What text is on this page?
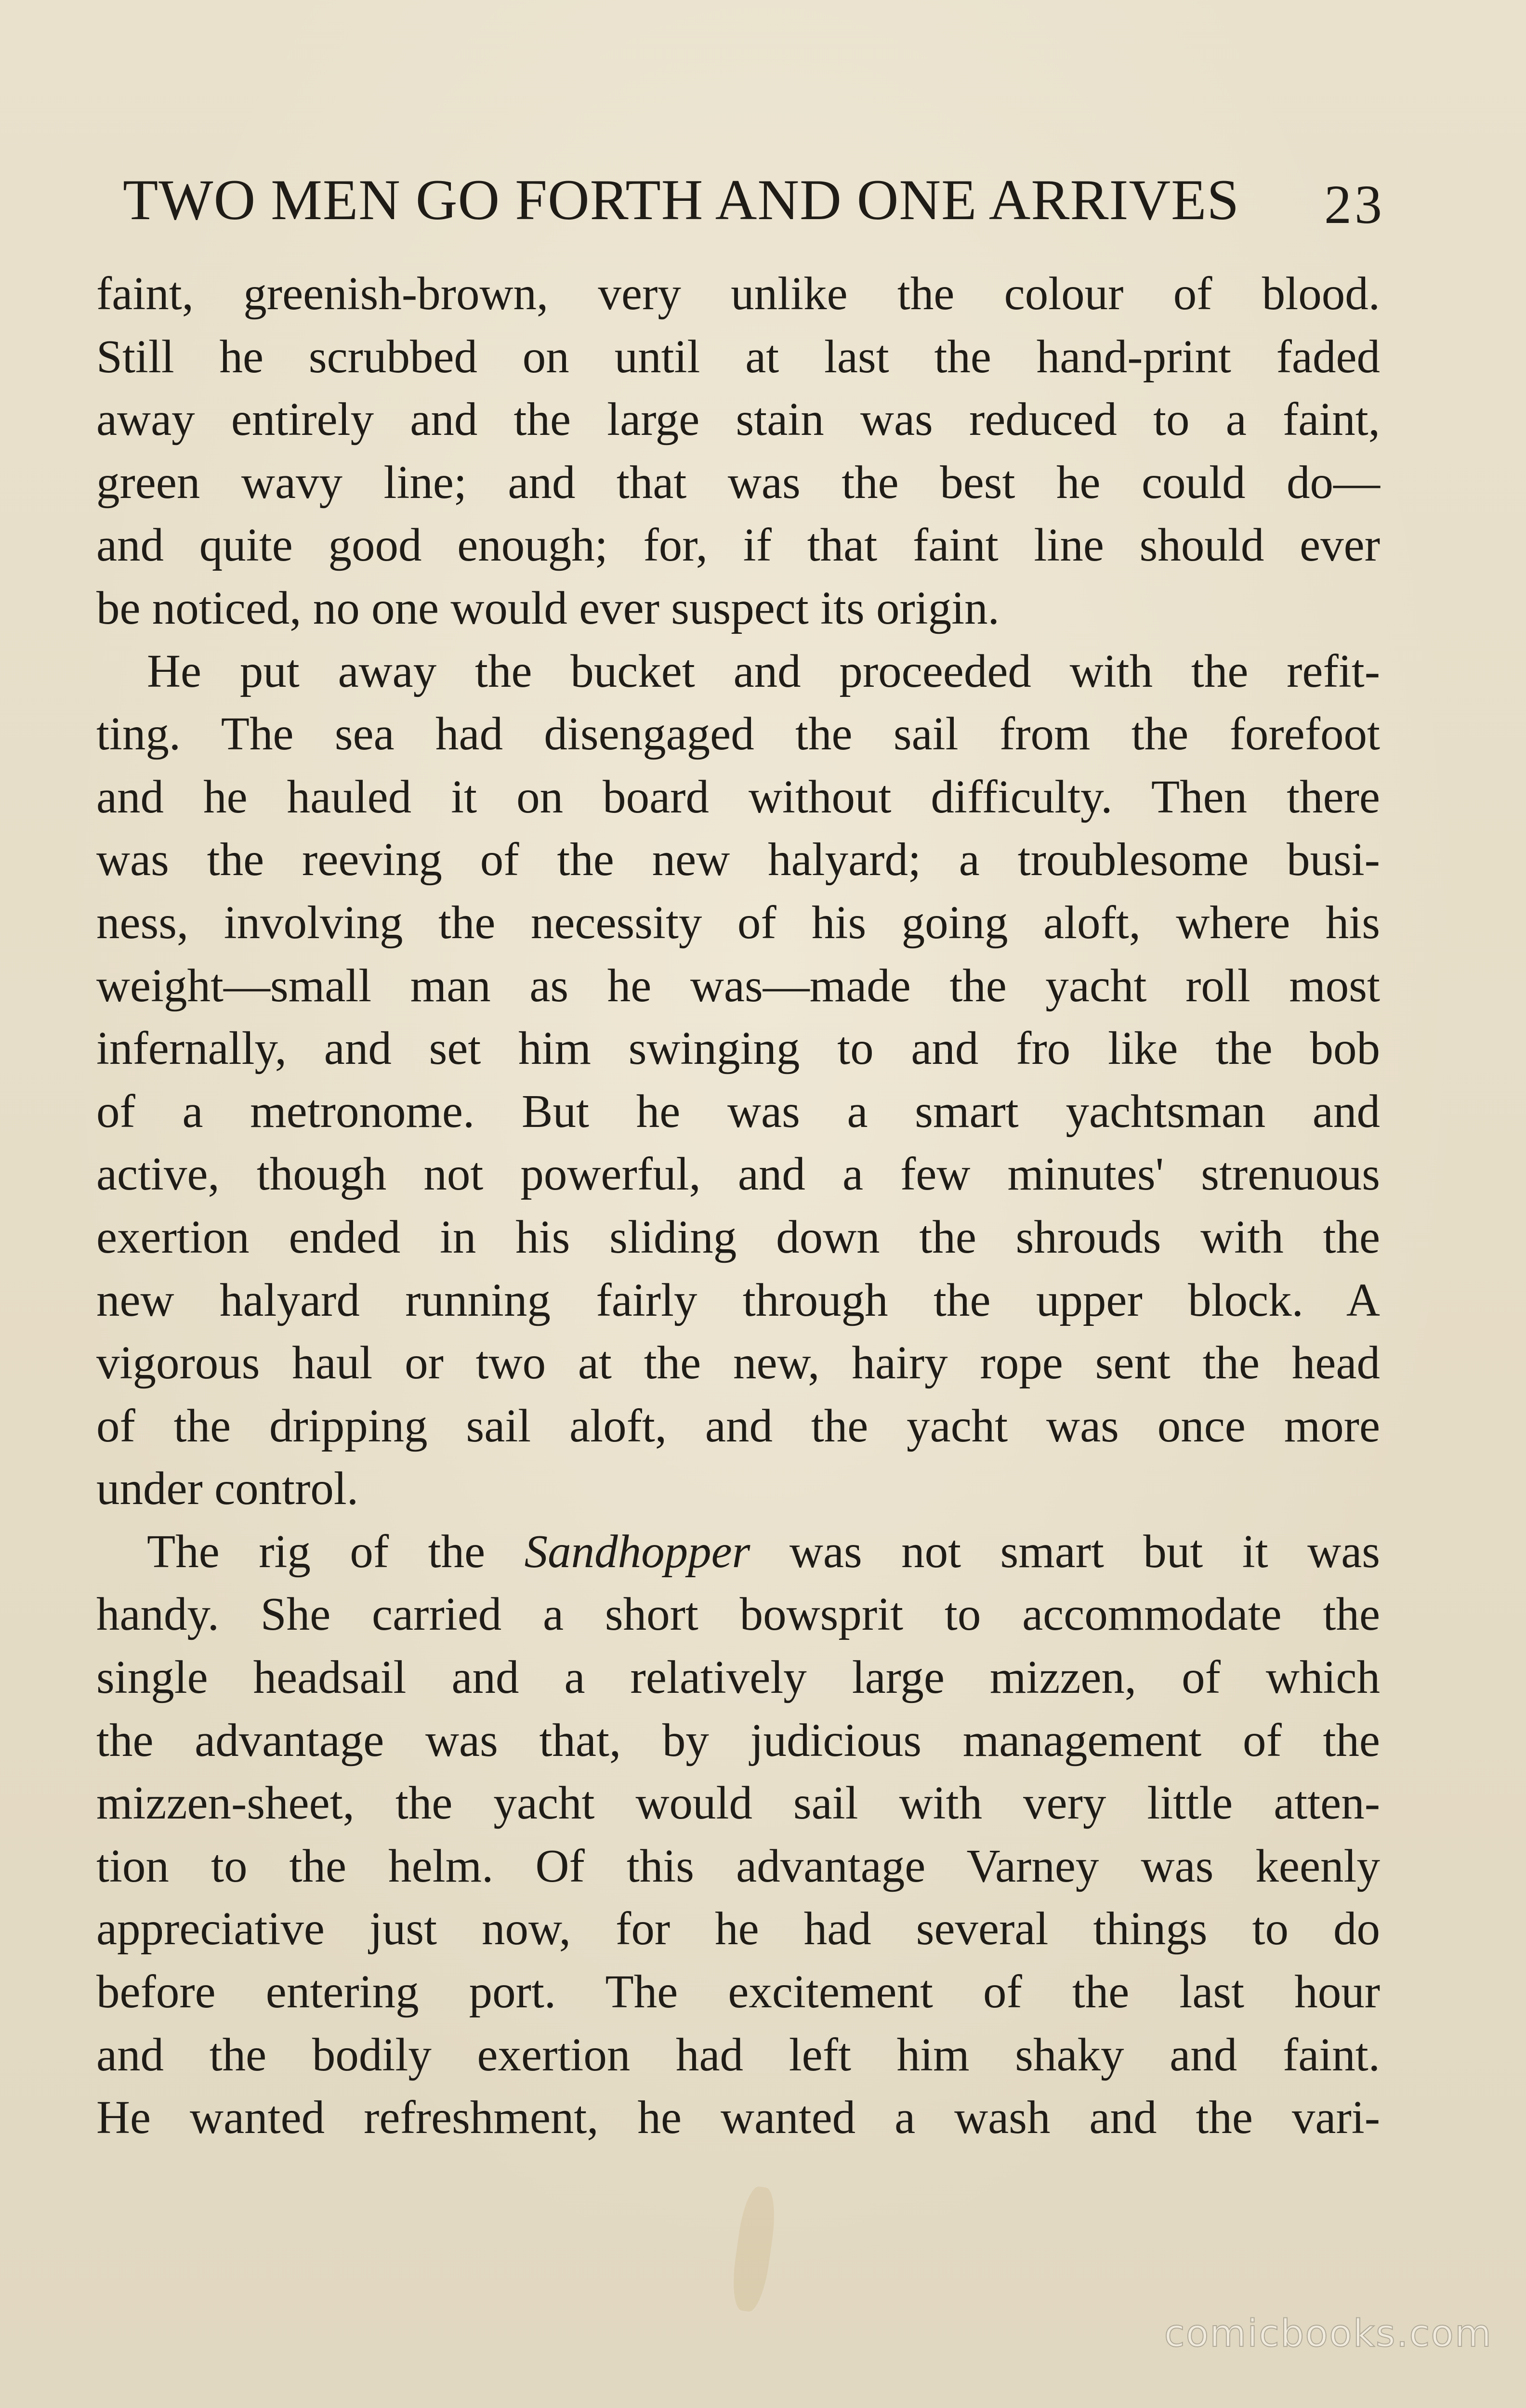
TWO MEN GO FORTH AND ONE ARRIVES 23

faint, greenish-brown, very unlike the colour of blood.
Still he scrubbed on until at last the hand-print faded
away entirely and the large stain was reduced to a faint,
green wavy line; and that was the best he could do—
and quite good enough; for, if that faint line should ever
be noticed, no one would ever suspect its origin.

He put away the bucket and proceeded with the refit-
ting. The sea had disengaged the sail from the forefoot
and he hauled it on board without difficulty. Then there
was the reeving of the new halyard; a troublesome busi-
ness, involving the necessity of his going aloft, where his
weight—small man as he was—made the yacht roll most
infernally, and set him swinging to and fro like the bob
of a metronome. But he was a smart yachtsman and
active, though not powerful, and a few minutes' strenuous
exertion ended in his sliding down the shrouds with the
new halyard running fairly through the upper block. A
vigorous haul or two at the new, hairy rope sent the head
of the dripping sail aloft, and the yacht was once more
under control.

The rig of the Sandhopper was not smart but it was
handy. She carried a short bowsprit to accommodate the
single headsail and a relatively large mizzen, of which
the advantage was that, by judicious management of the
mizzen-sheet, the yacht would sail with very little atten-
tion to the helm. Of this advantage Varney was keenly
appreciative just now, for he had several things to do
before entering port. The excitement of the last hour
and the bodily exertion had left him shaky and faint.
He wanted refreshment, he wanted a wash and the vari-

comicbooks.com
